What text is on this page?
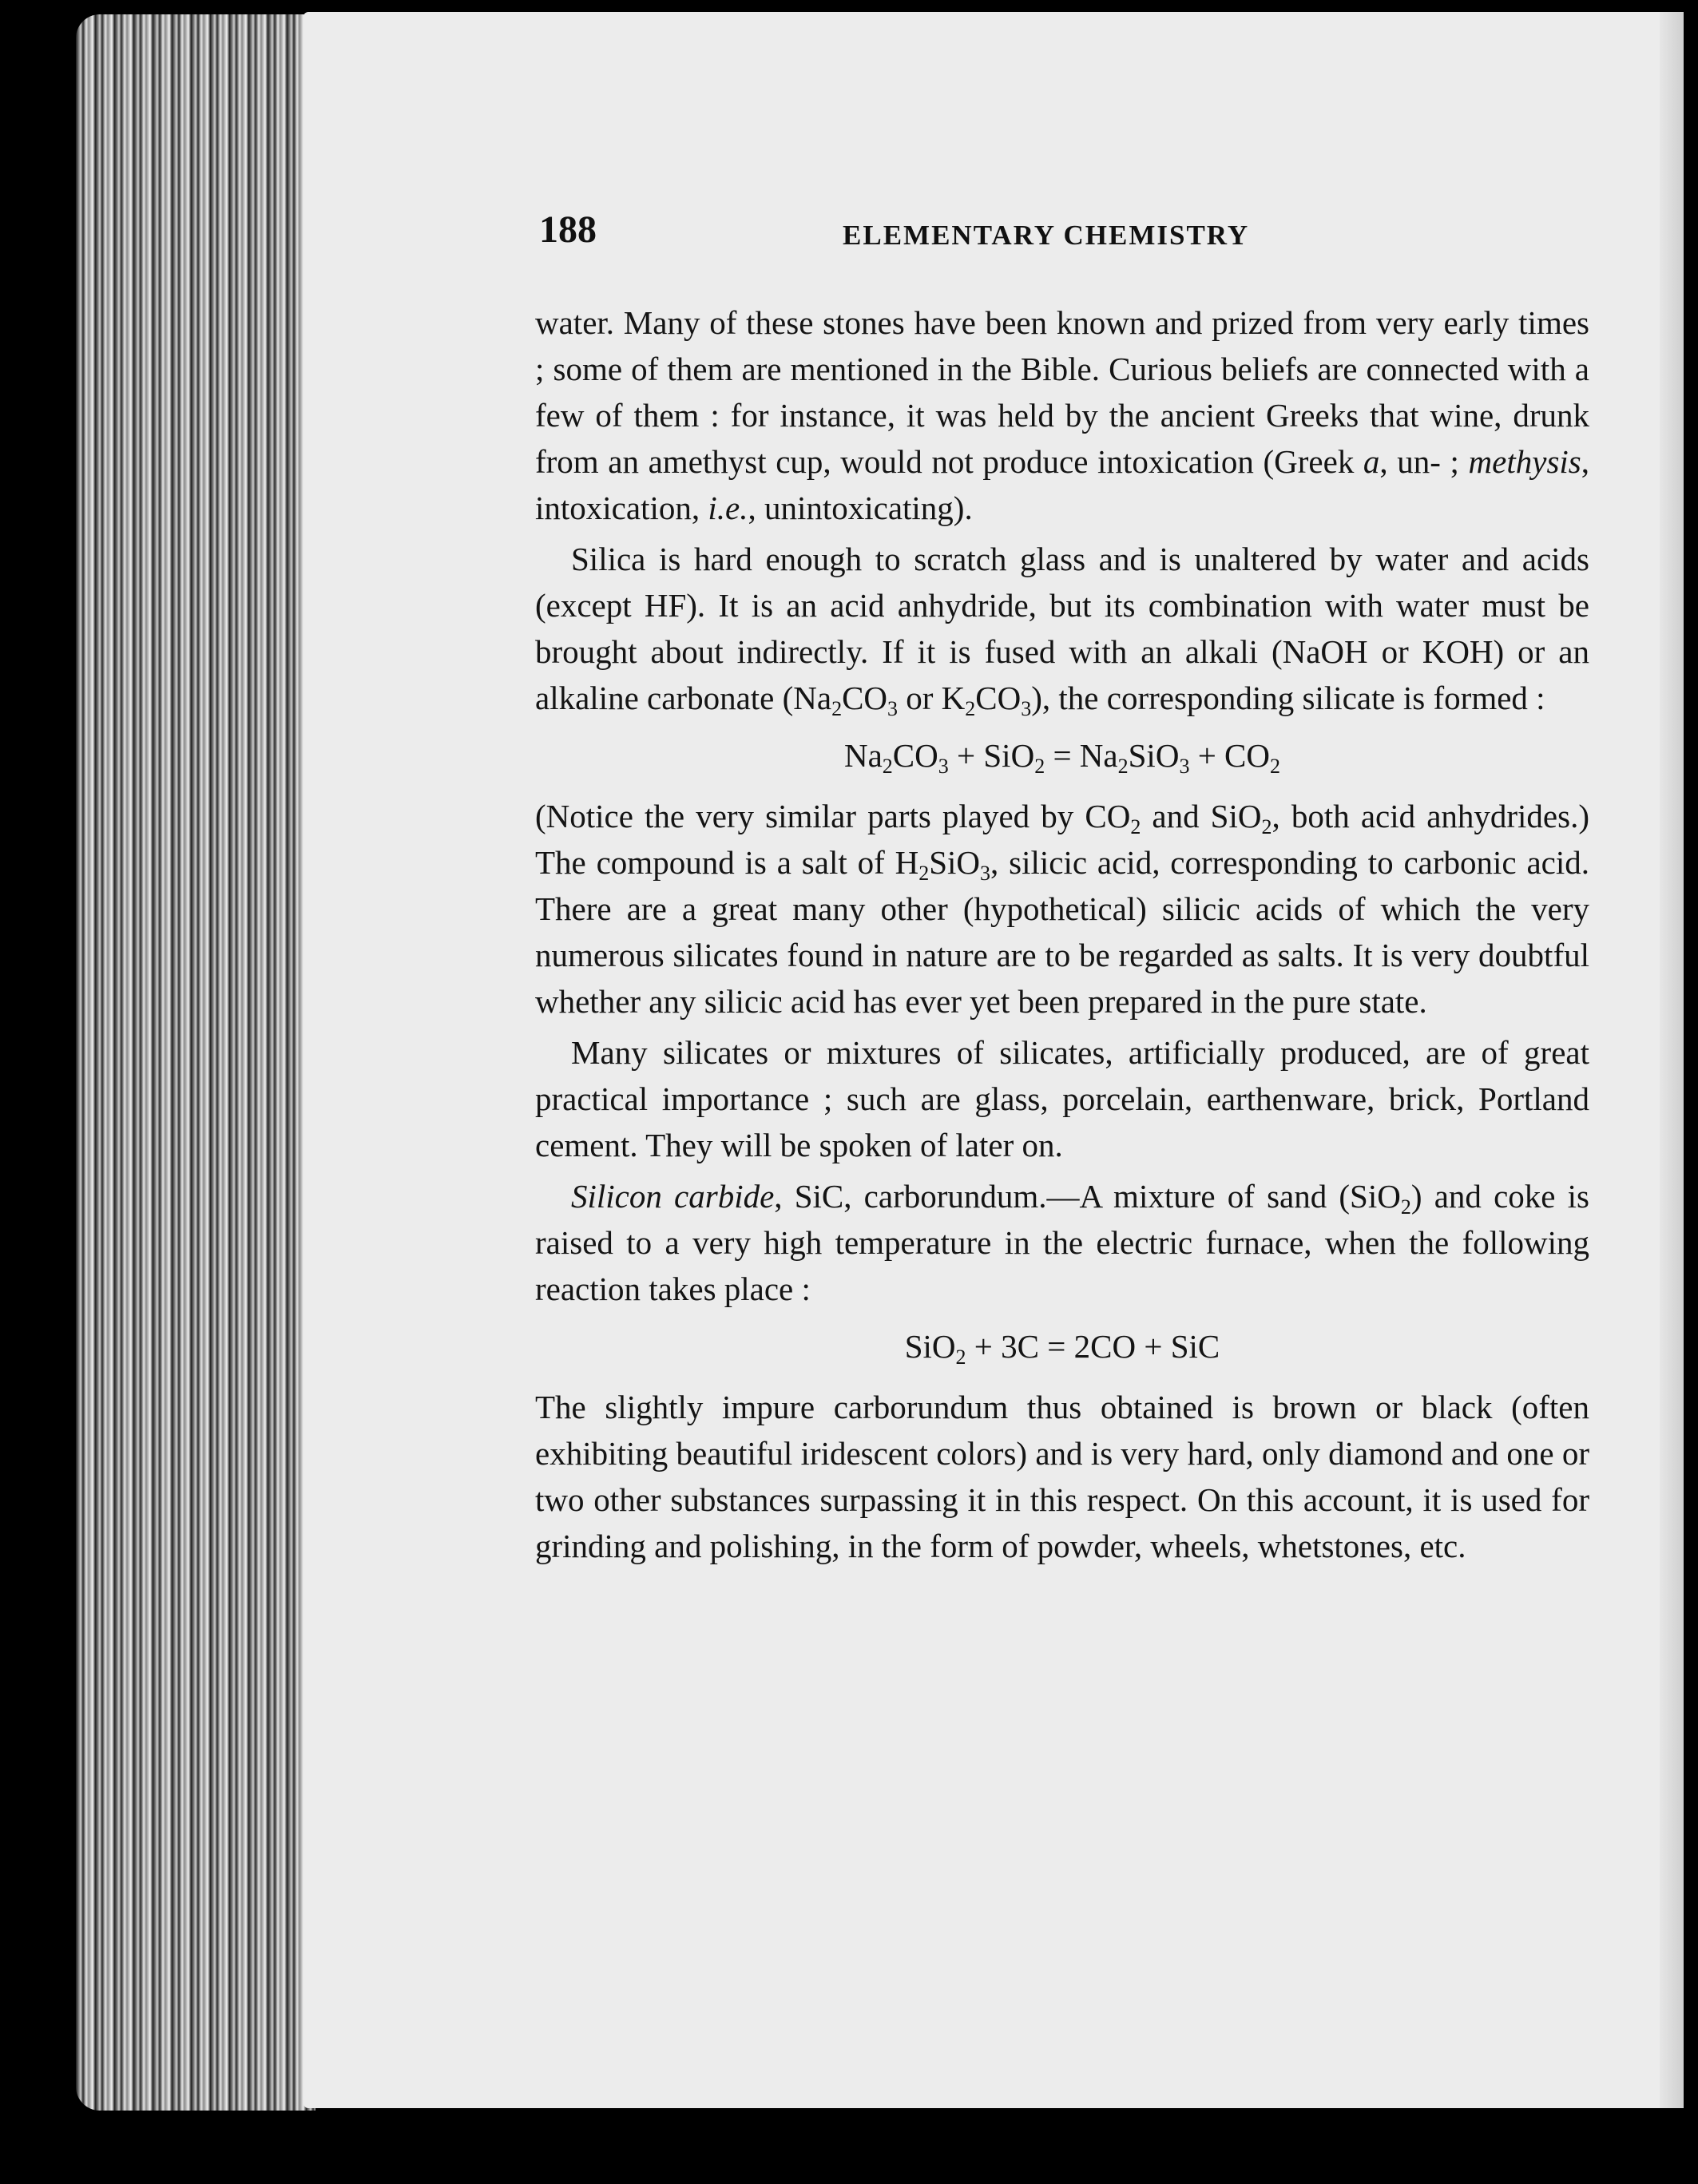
188	ELEMENTARY CHEMISTRY

water. Many of these stones have been known and prized from very early times ; some of them are mentioned in the Bible. Curious beliefs are connected with a few of them : for instance, it was held by the ancient Greeks that wine, drunk from an amethyst cup, would not produce intoxication (Greek a, un- ; methysis, intoxication, i.e., unintoxicating).

Silica is hard enough to scratch glass and is unaltered by water and acids (except HF). It is an acid anhydride, but its combination with water must be brought about indirectly. If it is fused with an alkali (NaOH or KOH) or an alkaline carbonate ($Na_2CO_3$ or $K_2CO_3$), the corresponding silicate is formed :

$Na_2CO_3 + SiO_2 = Na_2SiO_3 + CO_2$

(Notice the very similar parts played by $CO_2$ and SiO$_2$, both acid anhydrides.) The compound is a salt of $H_2SiO_3$, silicic acid, corresponding to carbonic acid. There are a great many other (hypothetical) silicic acids of which the very numerous silicates found in nature are to be regarded as salts. It is very doubtful whether any silicic acid has ever yet been prepared in the pure state.

Many silicates or mixtures of silicates, artificially produced, are of great practical importance ; such are glass, porcelain, earthenware, brick, Portland cement. They will be spoken of later on.

Silicon carbide, SiC, carborundum.—A mixture of sand (SiO$_2$) and coke is raised to a very high temperature in the electric furnace, when the following reaction takes place :

SiO$_2$ + 3C = 2CO + SiC

The slightly impure carborundum thus obtained is brown or black (often exhibiting beautiful iridescent colors) and is very hard, only diamond and one or two other substances surpassing it in this respect. On this account, it is used for grinding and polishing, in the form of powder, wheels, whetstones, etc.
